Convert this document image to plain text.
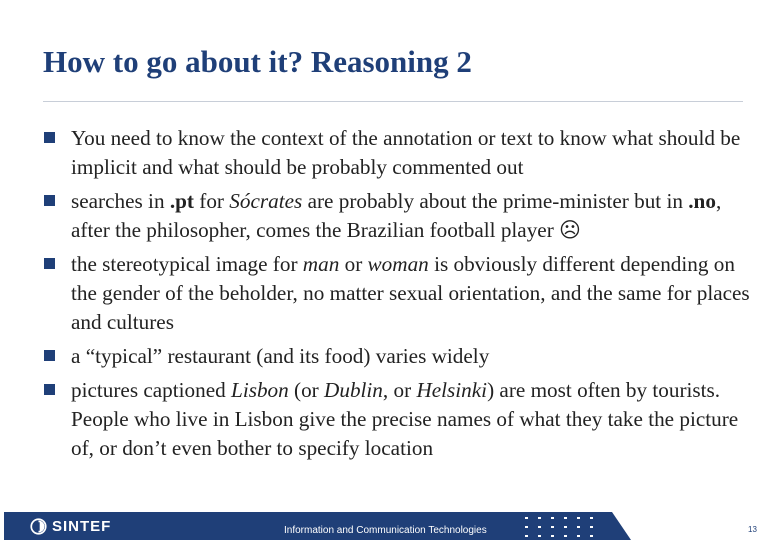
How to go about it? Reasoning 2
You need to know the context of the annotation or text to know what should be implicit and what should be probably commented out
searches in .pt for Sócrates are probably about the prime-minister but in .no, after the philosopher, comes the Brazilian football player ☹
the stereotypical image for man or woman is obviously different depending on the gender of the beholder, no matter sexual orientation, and the same for places and cultures
a “typical” restaurant (and its food) varies widely
pictures captioned Lisbon (or Dublin, or Helsinki) are most often by tourists. People who live in Lisbon give the precise names of what they take the picture of, or don’t even bother to specify location
SINTEF	Information and Communication Technologies	13
